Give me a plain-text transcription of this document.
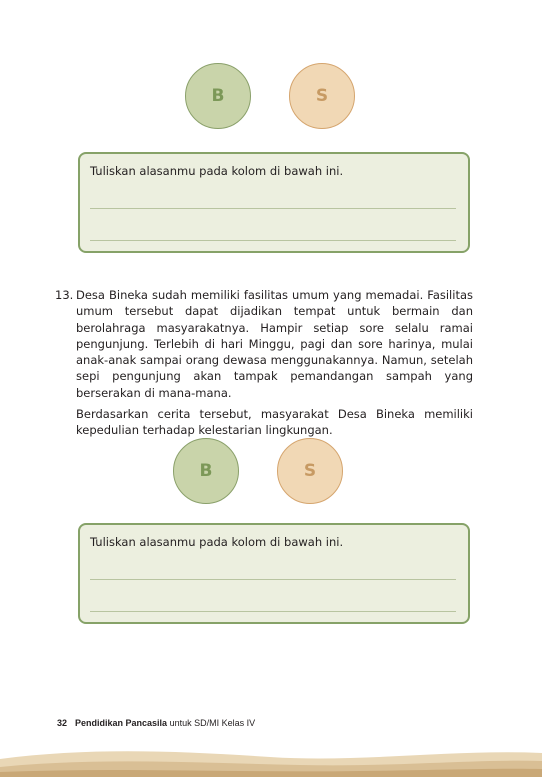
B	S
Tuliskan alasanmu pada kolom di bawah ini.
13. Desa Bineka sudah memiliki fasilitas umum yang memadai. Fasilitas umum tersebut dapat dijadikan tempat untuk bermain dan berolahraga masyarakatnya. Hampir setiap sore selalu ramai pengunjung. Terlebih di hari Minggu, pagi dan sore harinya, mulai anak-anak sampai orang dewasa menggunakannya. Namun, setelah sepi pengunjung akan tampak pemandangan sampah yang berserakan di mana-mana.

Berdasarkan cerita tersebut, masyarakat Desa Bineka memiliki kepedulian terhadap kelestarian lingkungan.

B	S
Tuliskan alasanmu pada kolom di bawah ini.
32 Pendidikan Pancasila untuk SD/MI Kelas IV
